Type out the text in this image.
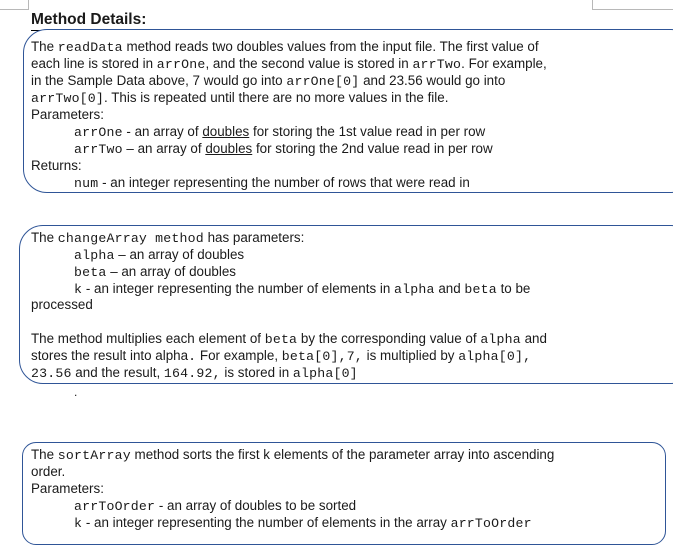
Method Details:
The readData method reads two doubles values from the input file. The first value of
each line is stored in arrOne, and the second value is stored in arrTwo. For example,
in the Sample Data above, 7 would go into arrOne[0] and 23.56 would go into
arrTwo[0]. This is repeated until there are no more values in the file.
Parameters:
arrOne - an array of doubles for storing the 1st value read in per row
arrTwo – an array of doubles for storing the 2nd value read in per row
Returns:
num - an integer representing the number of rows that were read in
The changeArray method has parameters:
alpha – an array of doubles
beta – an array of doubles
k - an integer representing the number of elements in alpha and beta to be
processed
The method multiplies each element of beta by the corresponding value of alpha and
stores the result into alpha. For example, beta[0],7, is multiplied by alpha[0],
23.56 and the result, 164.92, is stored in alpha[0]
.
The sortArray method sorts the first k elements of the parameter array into ascending
order.
Parameters:
arrToOrder - an array of doubles to be sorted
k - an integer representing the number of elements in the array arrToOrder
